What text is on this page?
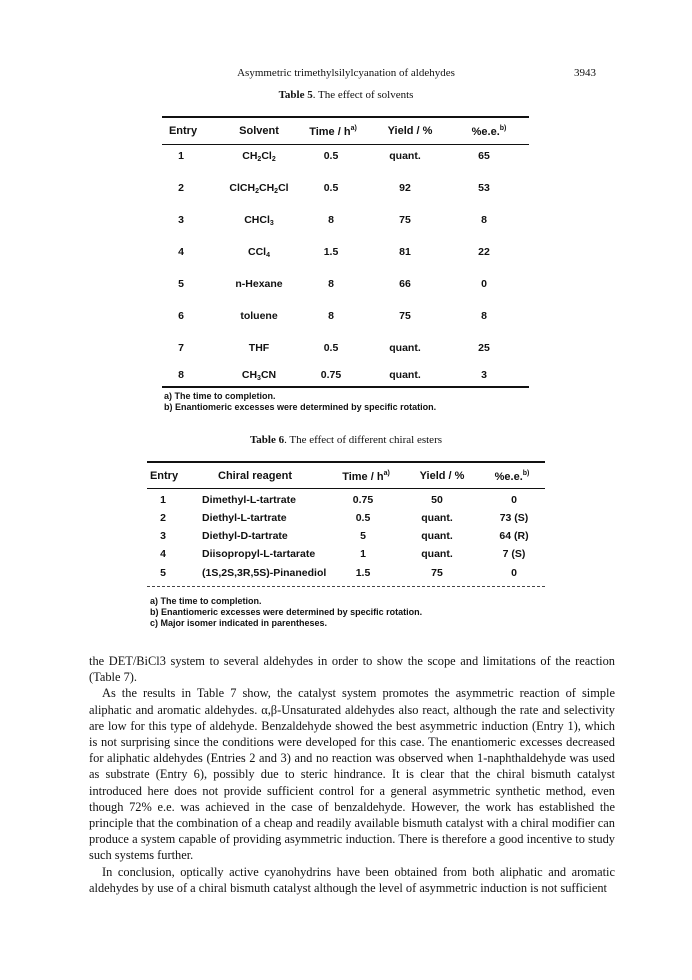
Asymmetric trimethylsilylcyanation of aldehydes	3943
Table 5. The effect of solvents
Entry	Solvent	Time / $h^{a)}$	Yield / %	%e.e.$^{b)}$
1	$CH_2Cl_2$	0.5	quant.	65
2	$ClCH_2CH_2Cl$	0.5	92	53
3	CHCl$_3$	8	75	8
4	CCl$_4$	1.5	81	22
5	n-Hexane	8	66	0
6	toluene	8	75	8
7	THF	0.5	quant.	25
8	$CH_3CN$	0.75	quant.	3
a) The time to completion.
b) Enantiomeric excesses were determined by specific rotation.
Table 6. The effect of different chiral esters
Entry	Chiral reagent	Time / $h^{a)}$	Yield / %	%e.e.$^{b)}$
1	Dimethyl-L-tartrate	0.75	50	0
2	Diethyl-L-tartrate	0.5	quant.	73 (S)
3	Diethyl-D-tartrate	5	quant.	64 (R)
4	Diisopropyl-L-tartarate	1	quant.	7 (S)
5	(1S,2S,3R,5S)-Pinanediol	1.5	75	0
a) The time to completion.
b) Enantiomeric excesses were determined by specific rotation.
c) Major isomer indicated in parentheses.

the DET/BiCl3 system to several aldehydes in order to show the scope and limitations of the reaction (Table 7).

As the results in Table 7 show, the catalyst system promotes the asymmetric reaction of simple aliphatic and aromatic aldehydes. α,β-Unsaturated aldehydes also react, although the rate and selectivity are low for this type of aldehyde. Benzaldehyde showed the best asymmetric induction (Entry 1), which is not surprising since the conditions were developed for this case. The enantiomeric excesses decreased for aliphatic aldehydes (Entries 2 and 3) and no reaction was observed when 1-naphthaldehyde was used as substrate (Entry 6), possibly due to steric hindrance. It is clear that the chiral bismuth catalyst introduced here does not provide sufficient control for a general asymmetric synthetic method, even though 72% e.e. was achieved in the case of benzaldehyde. However, the work has established the principle that the combination of a cheap and readily available bismuth catalyst with a chiral modifier can produce a system capable of providing asymmetric induction. There is therefore a good incentive to study such systems further.

In conclusion, optically active cyanohydrins have been obtained from both aliphatic and aromatic aldehydes by use of a chiral bismuth catalyst although the level of asymmetric induction is not sufficient
